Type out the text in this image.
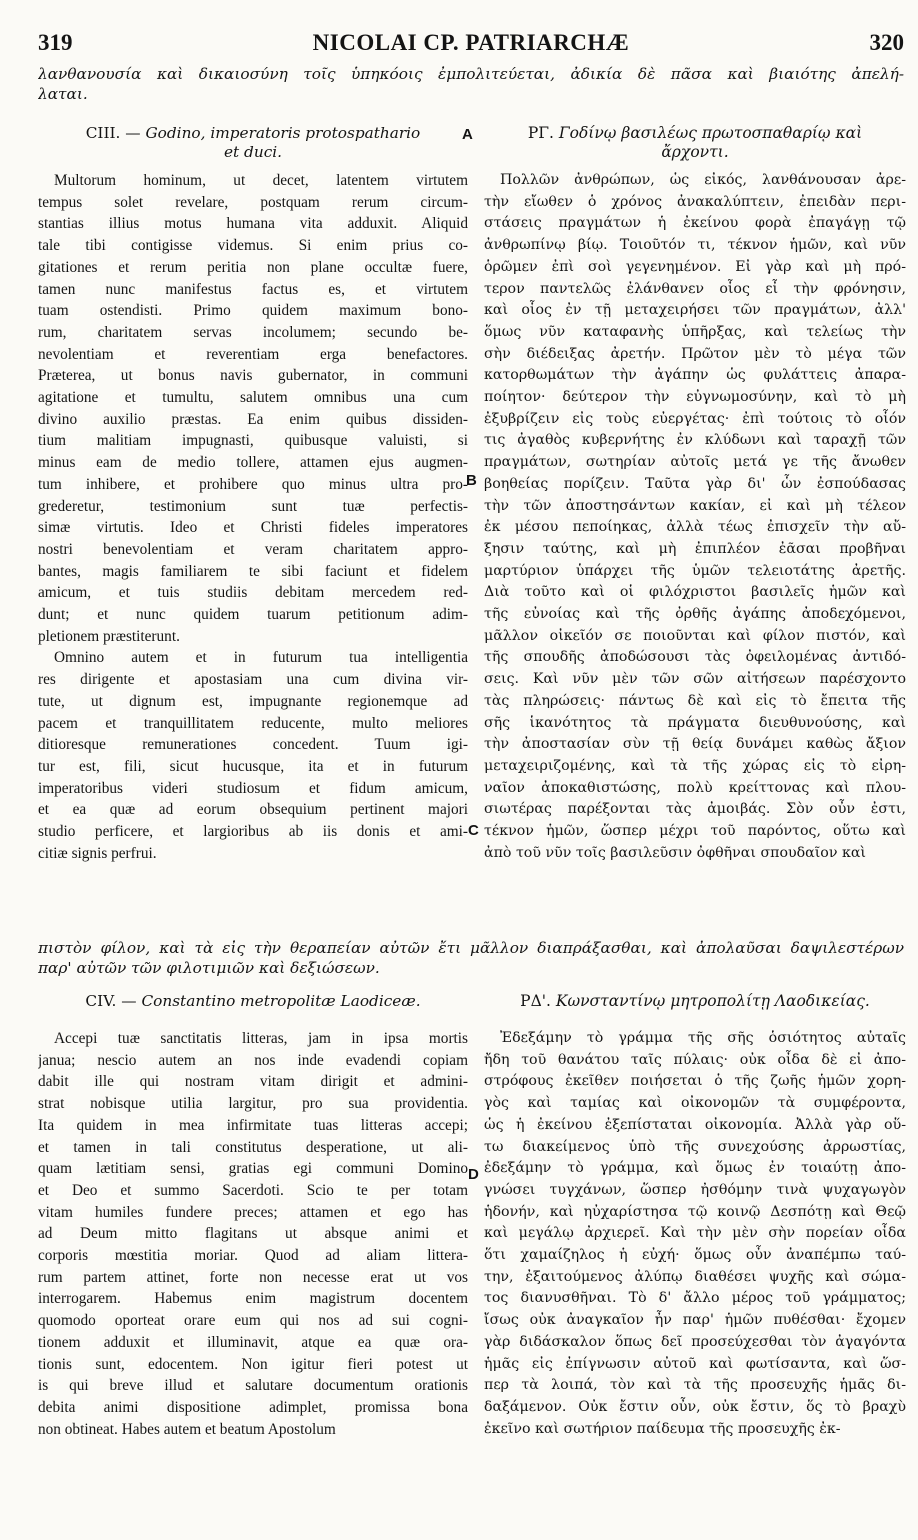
319	NICOLAI CP. PATRIARCHÆ	320
λανθανουσία καὶ δικαιοσύνη τοῖς ὑπηκόοις ἐμπολιτεύεται, ἀδικία δὲ πᾶσα καὶ βιαιότης ἀπελή-
λαται.
CIII. — Godino, imperatoris protospathario
et duci.
ΡΓ. Γοδίνῳ βασιλέως πρωτοσπαθαρίῳ καὶ
ἄρχοντι.
Multorum hominum, ut decet, latentem virtutem
tempus solet revelare, postquam rerum circum-
stantias illius motus humana vita adduxit. Aliquid
tale tibi contigisse videmus. Si enim prius co-
gitationes et rerum peritia non plane occultæ fuere,
tamen nunc manifestus factus es, et virtutem
tuam ostendisti. Primo quidem maximum bono-
rum, charitatem servas incolumem; secundo be-
nevolentiam et reverentiam erga benefactores.
Præterea, ut bonus navis gubernator, in communi
agitatione et tumultu, salutem omnibus una cum
divino auxilio præstas. Ea enim quibus dissiden-
tium malitiam impugnasti, quibusque valuisti, si
minus eam de medio tollere, attamen ejus augmen-
tum inhibere, et prohibere quo minus ultra pro-
grederetur, testimonium sunt tuæ perfectis-
simæ virtutis. Ideo et Christi fideles imperatores
nostri benevolentiam et veram charitatem appro-
bantes, magis familiarem te sibi faciunt et fidelem
amicum, et tuis studiis debitam mercedem red-
dunt; et nunc quidem tuarum petitionum adim-
pletionem præstiterunt.
Omnino autem et in futurum tua intelligentia
res dirigente et apostasiam una cum divina vir-
tute, ut dignum est, impugnante regionemque ad
pacem et tranquillitatem reducente, multo meliores
ditioresque remunerationes concedent. Tuum igi-
tur est, fili, sicut hucusque, ita et in futurum
imperatoribus videri studiosum et fidum amicum,
et ea quæ ad eorum obsequium pertinent majori
studio perficere, et largioribus ab iis donis et ami-
citiæ signis perfrui.
Πολλῶν ἀνθρώπων, ὡς εἰκός, λανθάνουσαν ἀρε-
τὴν εἴωθεν ὁ χρόνος ἀνακαλύπτειν, ἐπειδὰν περι-
στάσεις πραγμάτων ἡ ἐκείνου φορὰ ἐπαγάγῃ τῷ
ἀνθρωπίνῳ βίῳ. Τοιοῦτόν τι, τέκνον ἡμῶν, καὶ νῦν
ὁρῶμεν ἐπὶ σοὶ γεγενημένον. Εἰ γὰρ καὶ μὴ πρό-
τερον παντελῶς ἐλάνθανεν οἷος εἶ τὴν φρόνησιν,
καὶ οἷος ἐν τῇ μεταχειρήσει τῶν πραγμάτων, ἀλλ'
ὅμως νῦν καταφανὴς ὑπῆρξας, καὶ τελείως τὴν
σὴν διέδειξας ἀρετήν. Πρῶτον μὲν τὸ μέγα τῶν
κατορθωμάτων τὴν ἀγάπην ὡς φυλάττεις ἀπαρα-
ποίητον· δεύτερον τὴν εὐγνωμοσύνην, καὶ τὸ μὴ
ἐξυβρίζειν εἰς τοὺς εὐεργέτας· ἐπὶ τούτοις τὸ οἷόν
τις ἀγαθὸς κυβερνήτης ἐν κλύδωνι καὶ ταραχῇ τῶν
πραγμάτων, σωτηρίαν αὐτοῖς μετά γε τῆς ἄνωθεν
βοηθείας πορίζειν. Ταῦτα γὰρ δι' ὧν ἐσπούδασας
τὴν τῶν ἀποστησάντων κακίαν, εἰ καὶ μὴ τέλεον
ἐκ μέσου πεποίηκας, ἀλλὰ τέως ἐπισχεῖν τὴν αὔ-
ξησιν ταύτης, καὶ μὴ ἐπιπλέον ἐᾶσαι προβῆναι
μαρτύριον ὑπάρχει τῆς ὑμῶν τελειοτάτης ἀρετῆς.
Διὰ τοῦτο καὶ οἱ φιλόχριστοι βασιλεῖς ἡμῶν καὶ
τῆς εὐνοίας καὶ τῆς ὀρθῆς ἀγάπης ἀποδεχόμενοι,
μᾶλλον οἰκεῖόν σε ποιοῦνται καὶ φίλον πιστόν, καὶ
τῆς σπουδῆς ἀποδώσουσι τὰς ὀφειλομένας ἀντιδό-
σεις. Καὶ νῦν μὲν τῶν σῶν αἰτήσεων παρέσχοντο
τὰς πληρώσεις· πάντως δὲ καὶ εἰς τὸ ἔπειτα τῆς
σῆς ἱκανότητος τὰ πράγματα διευθυνούσης, καὶ
τὴν ἀποστασίαν σὺν τῇ θείᾳ δυνάμει καθὼς ἄξιον
μεταχειριζομένης, καὶ τὰ τῆς χώρας εἰς τὸ εἰρη-
ναῖον ἀποκαθιστώσης, πολὺ κρείττονας καὶ πλου-
σιωτέρας παρέξονται τὰς ἀμοιβάς. Σὸν οὖν ἐστι,
τέκνον ἡμῶν, ὥσπερ μέχρι τοῦ παρόντος, οὕτω καὶ
ἀπὸ τοῦ νῦν τοῖς βασιλεῦσιν ὀφθῆναι σπουδαῖον καὶ
πιστὸν φίλον, καὶ τὰ εἰς τὴν θεραπείαν αὐτῶν ἔτι μᾶλλον διαπράξασθαι, καὶ ἀπολαῦσαι δαψιλεστέρων
παρ' αὐτῶν τῶν φιλοτιμιῶν καὶ δεξιώσεων.
CIV. — Constantino metropolitæ Laodiceæ.	ΡΔ'. Κωνσταντίνῳ μητροπολίτῃ Λαοδικείας.
Accepi tuæ sanctitatis litteras, jam in ipsa mortis
janua; nescio autem an nos inde evadendi copiam
dabit ille qui nostram vitam dirigit et admini-
strat nobisque utilia largitur, pro sua providentia.
Ita quidem in mea infirmitate tuas litteras accepi;
et tamen in tali constitutus desperatione, ut ali-
quam lætitiam sensi, gratias egi communi Domino
et Deo et summo Sacerdoti. Scio te per totam
vitam humiles fundere preces; attamen et ego has
ad Deum mitto flagitans ut absque animi et
corporis mœstitia moriar. Quod ad aliam littera-
rum partem attinet, forte non necesse erat ut vos
interrogarem. Habemus enim magistrum docentem
quomodo oporteat orare eum qui nos ad sui cogni-
tionem adduxit et illuminavit, atque ea quæ ora-
tionis sunt, edocentem. Non igitur fieri potest ut
is qui breve illud et salutare documentum orationis
debita animi dispositione adimplet, promissa bona
non obtineat. Habes autem et beatum Apostolum
Ἐδεξάμην τὸ γράμμα τῆς σῆς ὁσιότητος αὐταῖς
ἤδη τοῦ θανάτου ταῖς πύλαις· οὐκ οἶδα δὲ εἰ ἀπο-
στρόφους ἐκεῖθεν ποιήσεται ὁ τῆς ζωῆς ἡμῶν χορη-
γὸς καὶ ταμίας καὶ οἰκονομῶν τὰ συμφέροντα,
ὡς ἡ ἐκείνου ἐξεπίσταται οἰκονομία. Ἀλλὰ γὰρ οὕ-
τω διακείμενος ὑπὸ τῆς συνεχούσης ἀρρωστίας,
ἐδεξάμην τὸ γράμμα, καὶ ὅμως ἐν τοιαύτῃ ἀπο-
γνώσει τυγχάνων, ὥσπερ ἠσθόμην τινὰ ψυχαγωγὸν
ἡδονήν, καὶ ηὐχαρίστησα τῷ κοινῷ Δεσπότῃ καὶ Θεῷ
καὶ μεγάλῳ ἀρχιερεῖ. Καὶ τὴν μὲν σὴν πορείαν οἶδα
ὅτι χαμαίζηλος ἡ εὐχή· ὅμως οὖν ἀναπέμπω ταύ-
την, ἐξαιτούμενος ἀλύπῳ διαθέσει ψυχῆς καὶ σώμα-
τος διανυσθῆναι. Τὸ δ' ἄλλο μέρος τοῦ γράμματος;
ἴσως οὐκ ἀναγκαῖον ἦν παρ' ἡμῶν πυθέσθαι· ἔχομεν
γὰρ διδάσκαλον ὅπως δεῖ προσεύχεσθαι τὸν ἀγαγόντα
ἡμᾶς εἰς ἐπίγνωσιν αὐτοῦ καὶ φωτίσαντα, καὶ ὥσ-
περ τὰ λοιπά, τὸν καὶ τὰ τῆς προσευχῆς ἡμᾶς δι-
δαξάμενον. Οὐκ ἔστιν οὖν, οὐκ ἔστιν, ὅς τὸ βραχὺ
ἐκεῖνο καὶ σωτήριον παίδευμα τῆς προσευχῆς ἐκ-
A
B
C
D
